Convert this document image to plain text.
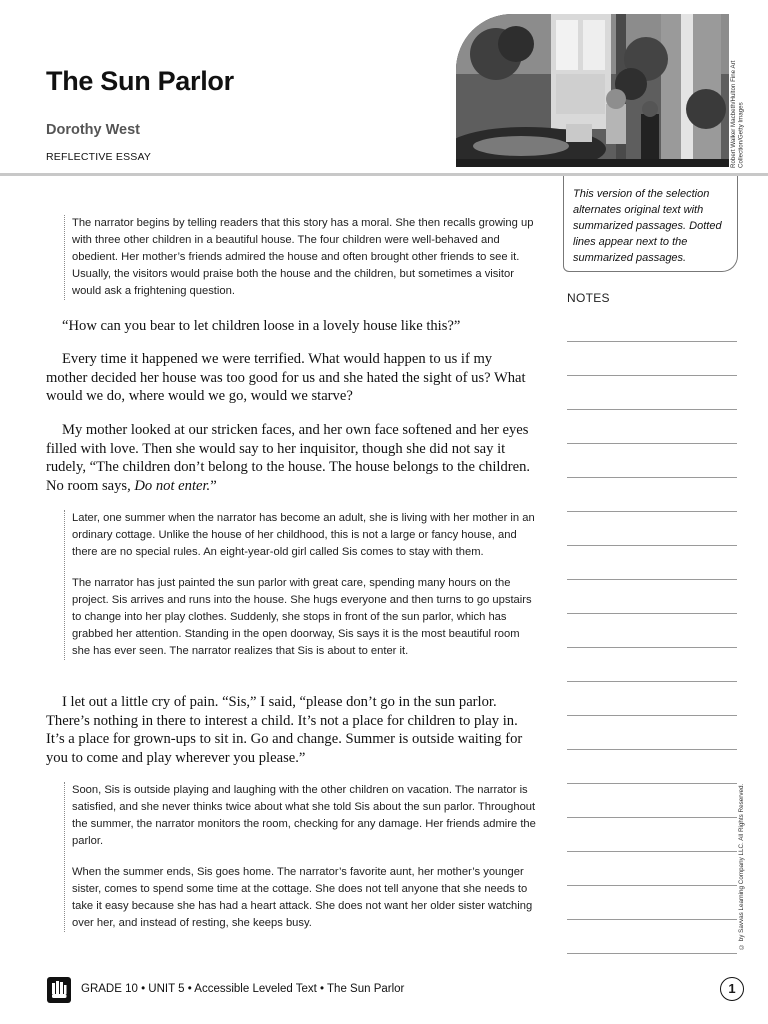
The Sun Parlor
Dorothy West
REFLECTIVE ESSAY	Robert Walker Macbeth/Hulton Fine Art Collection/Getty Images
This version of the selection alternates original text with summarized passages. Dotted lines appear next to the summarized passages.
NOTES
© by Savvas Learning Company LLC. All Rights Reserved.

The narrator begins by telling readers that this story has a moral. She then recalls growing up with three other children in a beautiful house. The four children were well-behaved and obedient. Her mother’s friends admired the house and often brought other friends to see it. Usually, the visitors would praise both the house and the children, but sometimes a visitor would ask a frightening question.

“How can you bear to let children loose in a lovely house like this?”

Every time it happened we were terrified. What would happen to us if my mother decided her house was too good for us and she hated the sight of us? What would we do, where would we go, would we starve?

My mother looked at our stricken faces, and her own face softened and her eyes filled with love. Then she would say to her inquisitor, though she did not say it rudely, “The children don’t belong to the house. The house belongs to the children. No room says, Do not enter.”

Later, one summer when the narrator has become an adult, she is living with her mother in an ordinary cottage. Unlike the house of her childhood, this is not a large or fancy house, and there are no special rules. An eight-year-old girl called Sis comes to stay with them.

The narrator has just painted the sun parlor with great care, spending many hours on the project. Sis arrives and runs into the house. She hugs everyone and then turns to go upstairs to change into her play clothes. Suddenly, she stops in front of the sun parlor, which has grabbed her attention. Standing in the open doorway, Sis says it is the most beautiful room she has ever seen. The narrator realizes that Sis is about to enter it.

I let out a little cry of pain. “Sis,” I said, “please don’t go in the sun parlor. There’s nothing in there to interest a child. It’s not a place for children to play in. It’s a place for grown-ups to sit in. Go and change. Summer is outside waiting for you to come and play wherever you please.”

Soon, Sis is outside playing and laughing with the other children on vacation. The narrator is satisfied, and she never thinks twice about what she told Sis about the sun parlor. Throughout the summer, the narrator monitors the room, checking for any damage. Her friends admire the parlor.

When the summer ends, Sis goes home. The narrator’s favorite aunt, her mother’s younger sister, comes to spend some time at the cottage. She does not tell anyone that she needs to take it easy because she has had a heart attack. She does not want her older sister watching over her, and instead of resting, she keeps busy.

GRADE 10 • UNIT 5 • Accessible Leveled Text • The Sun Parlor	1
